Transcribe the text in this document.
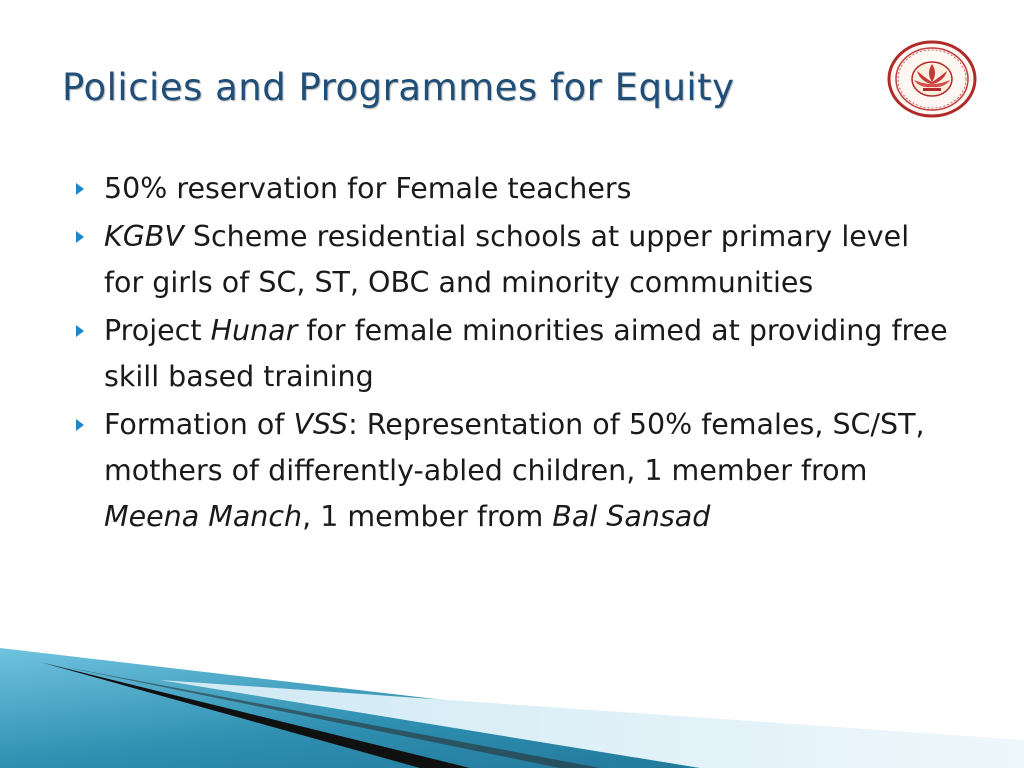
Policies and Programmes for Equity
50% reservation for Female teachers
KGBV Scheme residential schools at upper primary level for girls of SC, ST, OBC and minority communities
Project Hunar for female minorities aimed at providing free skill based training
Formation of VSS: Representation of 50% females, SC/ST, mothers of differently-abled children, 1 member from Meena Manch, 1 member from Bal Sansad
